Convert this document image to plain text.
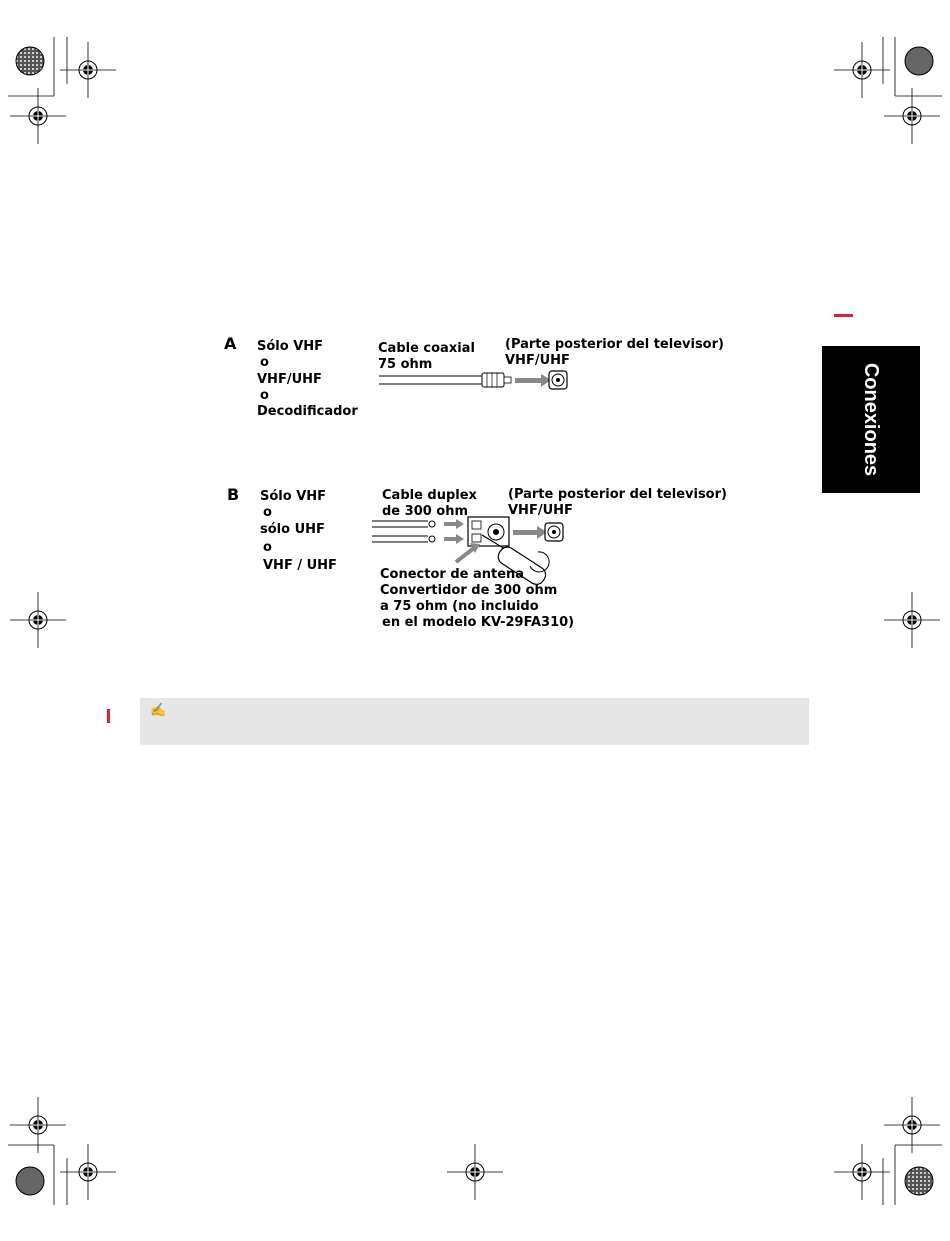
A Sólo VHF
o
VHF/UHF
o
Decodificador
Cable coaxial
75 ohm
(Parte posterior del televisor)
VHF/UHF
B Sólo VHF
o
sólo UHF
o
VHF / UHF
Cable duplex
de 300 ohm
(Parte posterior del televisor)
VHF/UHF
Conector de antena
Convertidor de 300 ohm
a 75 ohm (no incluido
en el modelo KV-29FA310)
Conexiones
✍
